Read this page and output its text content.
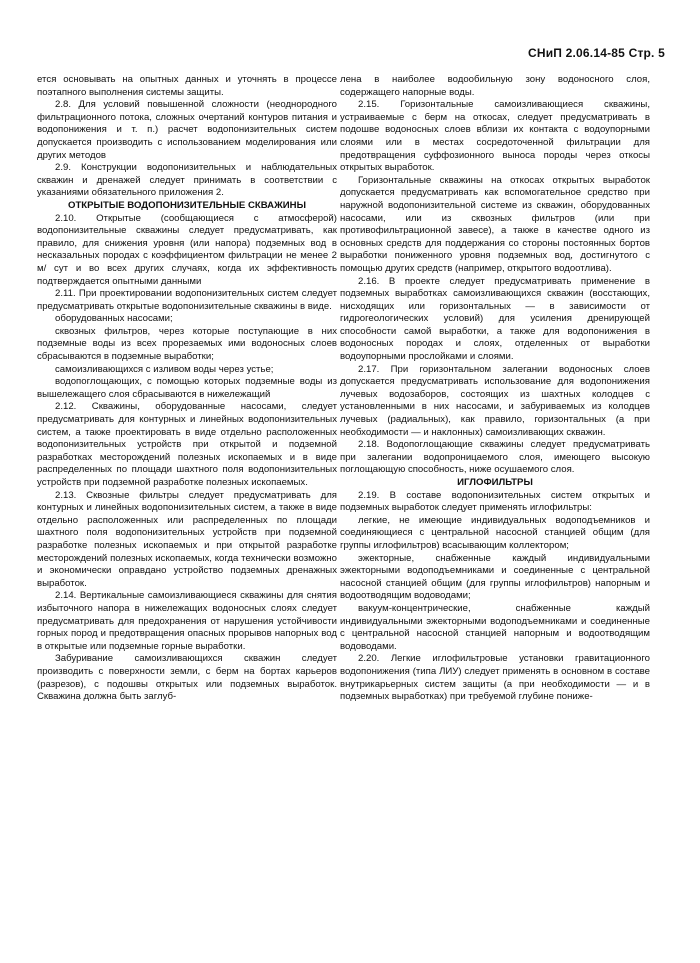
СНиП 2.06.14-85 Стр. 5

етcя основывать на опытных данных и уточнять в процессе поэтапного выполнения системы защиты.

2.8. Для условий повышенной сложности (неоднородного фильтрационного потока, сложных очертаний контуров питания и водопонижения и т. п.) расчет водопонизительных систем допускается производить с использованием моделирования или других методов

2.9. Конструкции водопонизительных и наблюдательных скважин и дренажей следует принимать в соответствии с указаниями обязательного приложения 2.

ОТКРЫТЫЕ ВОДОПОНИЗИТЕЛЬНЫЕ СКВАЖИНЫ

2.10. Открытые (сообщающиеся с атмосферой) водопонизительные скважины следует предусматривать, как правило, для снижения уровня (или напора) подземных вод в несказальных породах с коэффициентом фильтрации не менее 2 м/ сут и во всех других случаях, когда их эффективность подтверждается опытными данными

2.11. При проектировании водопонизительных систем следует предусматривать открытые водопонизительные скважины в виде.

оборудованных насосами;

сквозных фильтров, через которые поступающие в них подземные воды из всех прорезаемых ими водоносных слоев сбрасываются в подземные выработки;

самоизливающихся с изливом воды через устье;

водопоглощающих, с помощью которых подземные воды из вышележащего слоя сбрасываются в нижележащий

2.12. Скважины, оборудованные насосами, следует предусматривать для контурных и линейных водопонизительных систем, а также проектировать в виде отдельно расположенных водопонизительных устройств при открытой и подземной разработках месторождений полезных ископаемых и в виде распределенных по площади шахтного поля водопонизительных устройств при подземной разработке полезных ископаемых.

2.13. Сквозные фильтры следует предусматривать для контурных и линейных водопонизительных систем, а также в виде отдельно расположенных или распределенных по площади шахтного поля водопонизительных устройств при подземной разработке полезных ископаемых и при открытой разработке месторождений полезных ископаемых, когда технически возможно и экономически оправдано устройство подземных дренажных выработок.

2.14. Вертикальные самоизливающиеся скважины для снятия избыточного напора в нижележащих водоносных слоях следует предусматривать для предохранения от нарушения устойчивости горных пород и предотвращения опасных прорывов напорных вод в открытые или подземные горные выработки.

Забуривание самоизливающихся скважин следует производить с поверхности земли, с берм на бортах карьеров (разрезов), с подошвы открытых или подземных выработок. Скважина должна быть заглуб-

лена в наиболее водообильную зону водоносного слоя, содержащего напорные воды.

2.15. Горизонтальные самоизливающиеся скважины, устраиваемые с берм на откосах, следует предусматривать в подошве водоносных слоев вблизи их контакта с водоупорными слоями или в местах сосредоточенной фильтрации для предотвращения суффозионного выноса породы через откосы открытых выработок.

Горизонтальные скважины на откосах открытых выработок допускается предусматривать как вспомогательное средство при наружной водопонизительной системе из скважин, оборудованных насосами, или из сквозных фильтров (или при противофильтрационной завесе), а также в качестве одного из основных средств для поддержания со стороны постоянных бортов выработки пониженного уровня подземных вод, достигнутого с помощью других средств (например, открытого водоотлива).

2.16. В проекте следует предусматривать применение в подземных выработках самоизливающихся скважин (восстающих, нисходящих или горизонтальных — в зависимости от гидрогеологических условий) для усиления дренирующей способности самой выработки, а также для водопонижения в водоносных породах и слоях, отделенных от выработки водоупорными прослойками и слоями.

2.17. При горизонтальном залегании водоносных слоев допускается предусматривать использование для водопонижения лучевых водозаборов, состоящих из шахтных колодцев с установленными в них насосами, и забуриваемых из колодцев лучевых (радиальных), как правило, горизонтальных (а при необходимости — и наклонных) самоизливающих скважин.

2.18. Водопоглощающие скважины следует предусматривать при залегании водопроницаемого слоя, имеющего высокую поглощающую способность, ниже осушаемого слоя.

ИГЛОФИЛЬТРЫ

2.19. В составе водопонизительных систем открытых и подземных выработок следует применять иглофильтры:

легкие, не имеющие индивидуальных водоподъемников и соединяющиеся с центральной насосной станцией общим (для группы иглофильтров) всасывающим коллектором;

эжекторные, снабженные каждый индивидуальными эжекторными водоподъемниками и соединенные с центральной насосной станцией общим (для группы иглофильтров) напорным и водоотводящим водоводами;

вакуум-концентрические, снабженные каждый индивидуальными эжекторными водоподъемниками и соединенные с центральной насосной станцией напорным и водоотводящим водоводами.

2.20. Легкие иглофильтровые установки гравитационного водопонижения (типа ЛИУ) следует применять в основном в составе внутрикарьерных систем защиты (а при необходимости — и в подземных выработках) при требуемой глубине понижe-
